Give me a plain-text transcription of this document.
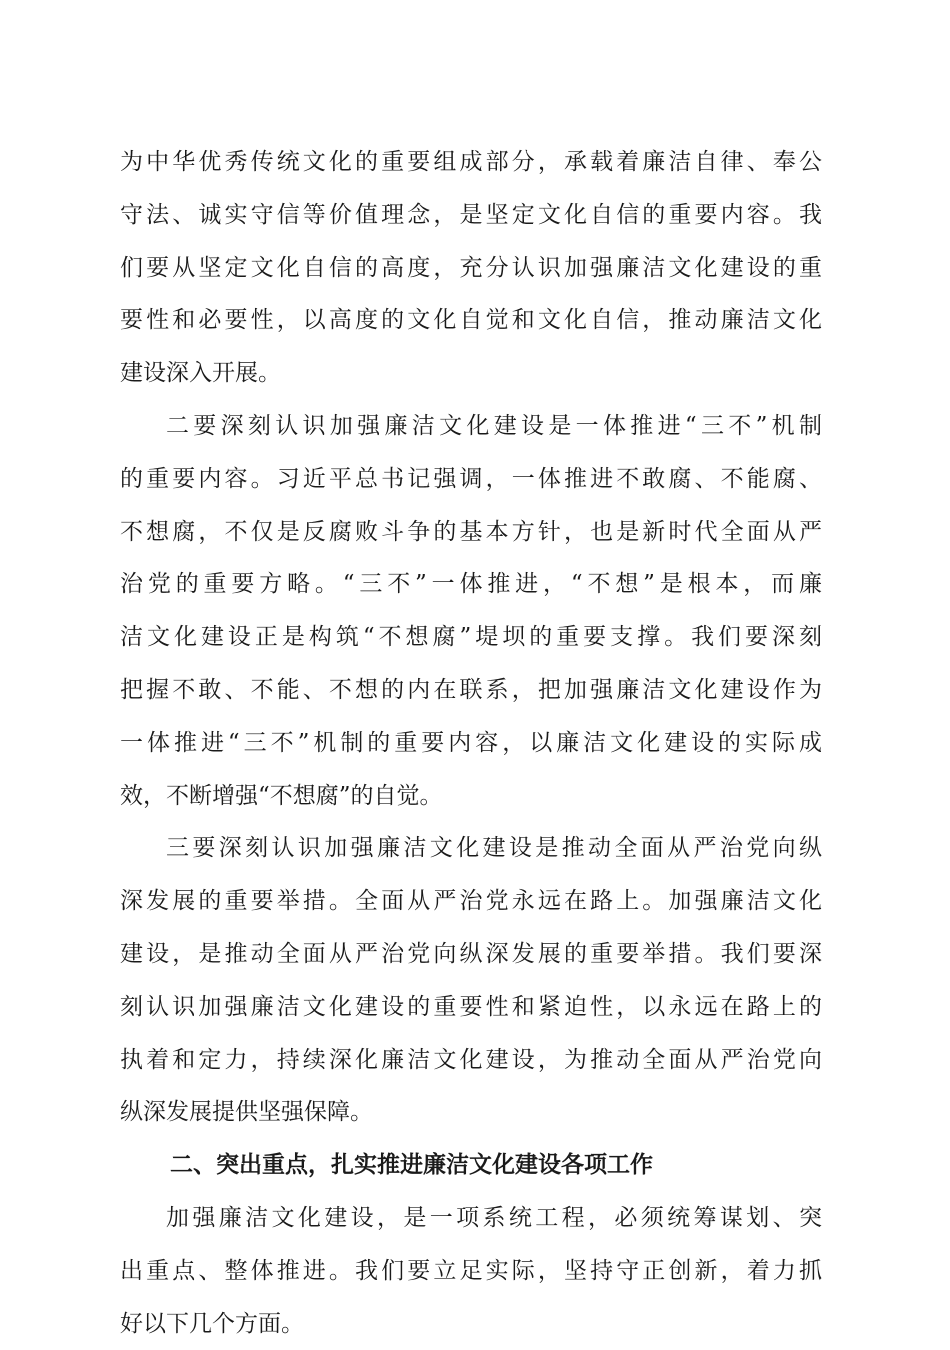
为中华优秀传统文化的重要组成部分，承载着廉洁自律、奉公
守法、诚实守信等价值理念，是坚定文化自信的重要内容。我
们要从坚定文化自信的高度，充分认识加强廉洁文化建设的重
要性和必要性，以高度的文化自觉和文化自信，推动廉洁文化
建设深入开展。
二要深刻认识加强廉洁文化建设是一体推进“三不”机制
的重要内容。习近平总书记强调，一体推进不敢腐、不能腐、
不想腐，不仅是反腐败斗争的基本方针，也是新时代全面从严
治党的重要方略。“三不”一体推进，“不想”是根本，而廉
洁文化建设正是构筑“不想腐”堤坝的重要支撑。我们要深刻
把握不敢、不能、不想的内在联系，把加强廉洁文化建设作为
一体推进“三不”机制的重要内容，以廉洁文化建设的实际成
效，不断增强“不想腐”的自觉。
三要深刻认识加强廉洁文化建设是推动全面从严治党向纵
深发展的重要举措。全面从严治党永远在路上。加强廉洁文化
建设，是推动全面从严治党向纵深发展的重要举措。我们要深
刻认识加强廉洁文化建设的重要性和紧迫性，以永远在路上的
执着和定力，持续深化廉洁文化建设，为推动全面从严治党向
纵深发展提供坚强保障。
二、突出重点，扎实推进廉洁文化建设各项工作
加强廉洁文化建设，是一项系统工程，必须统筹谋划、突
出重点、整体推进。我们要立足实际，坚持守正创新，着力抓
好以下几个方面。
